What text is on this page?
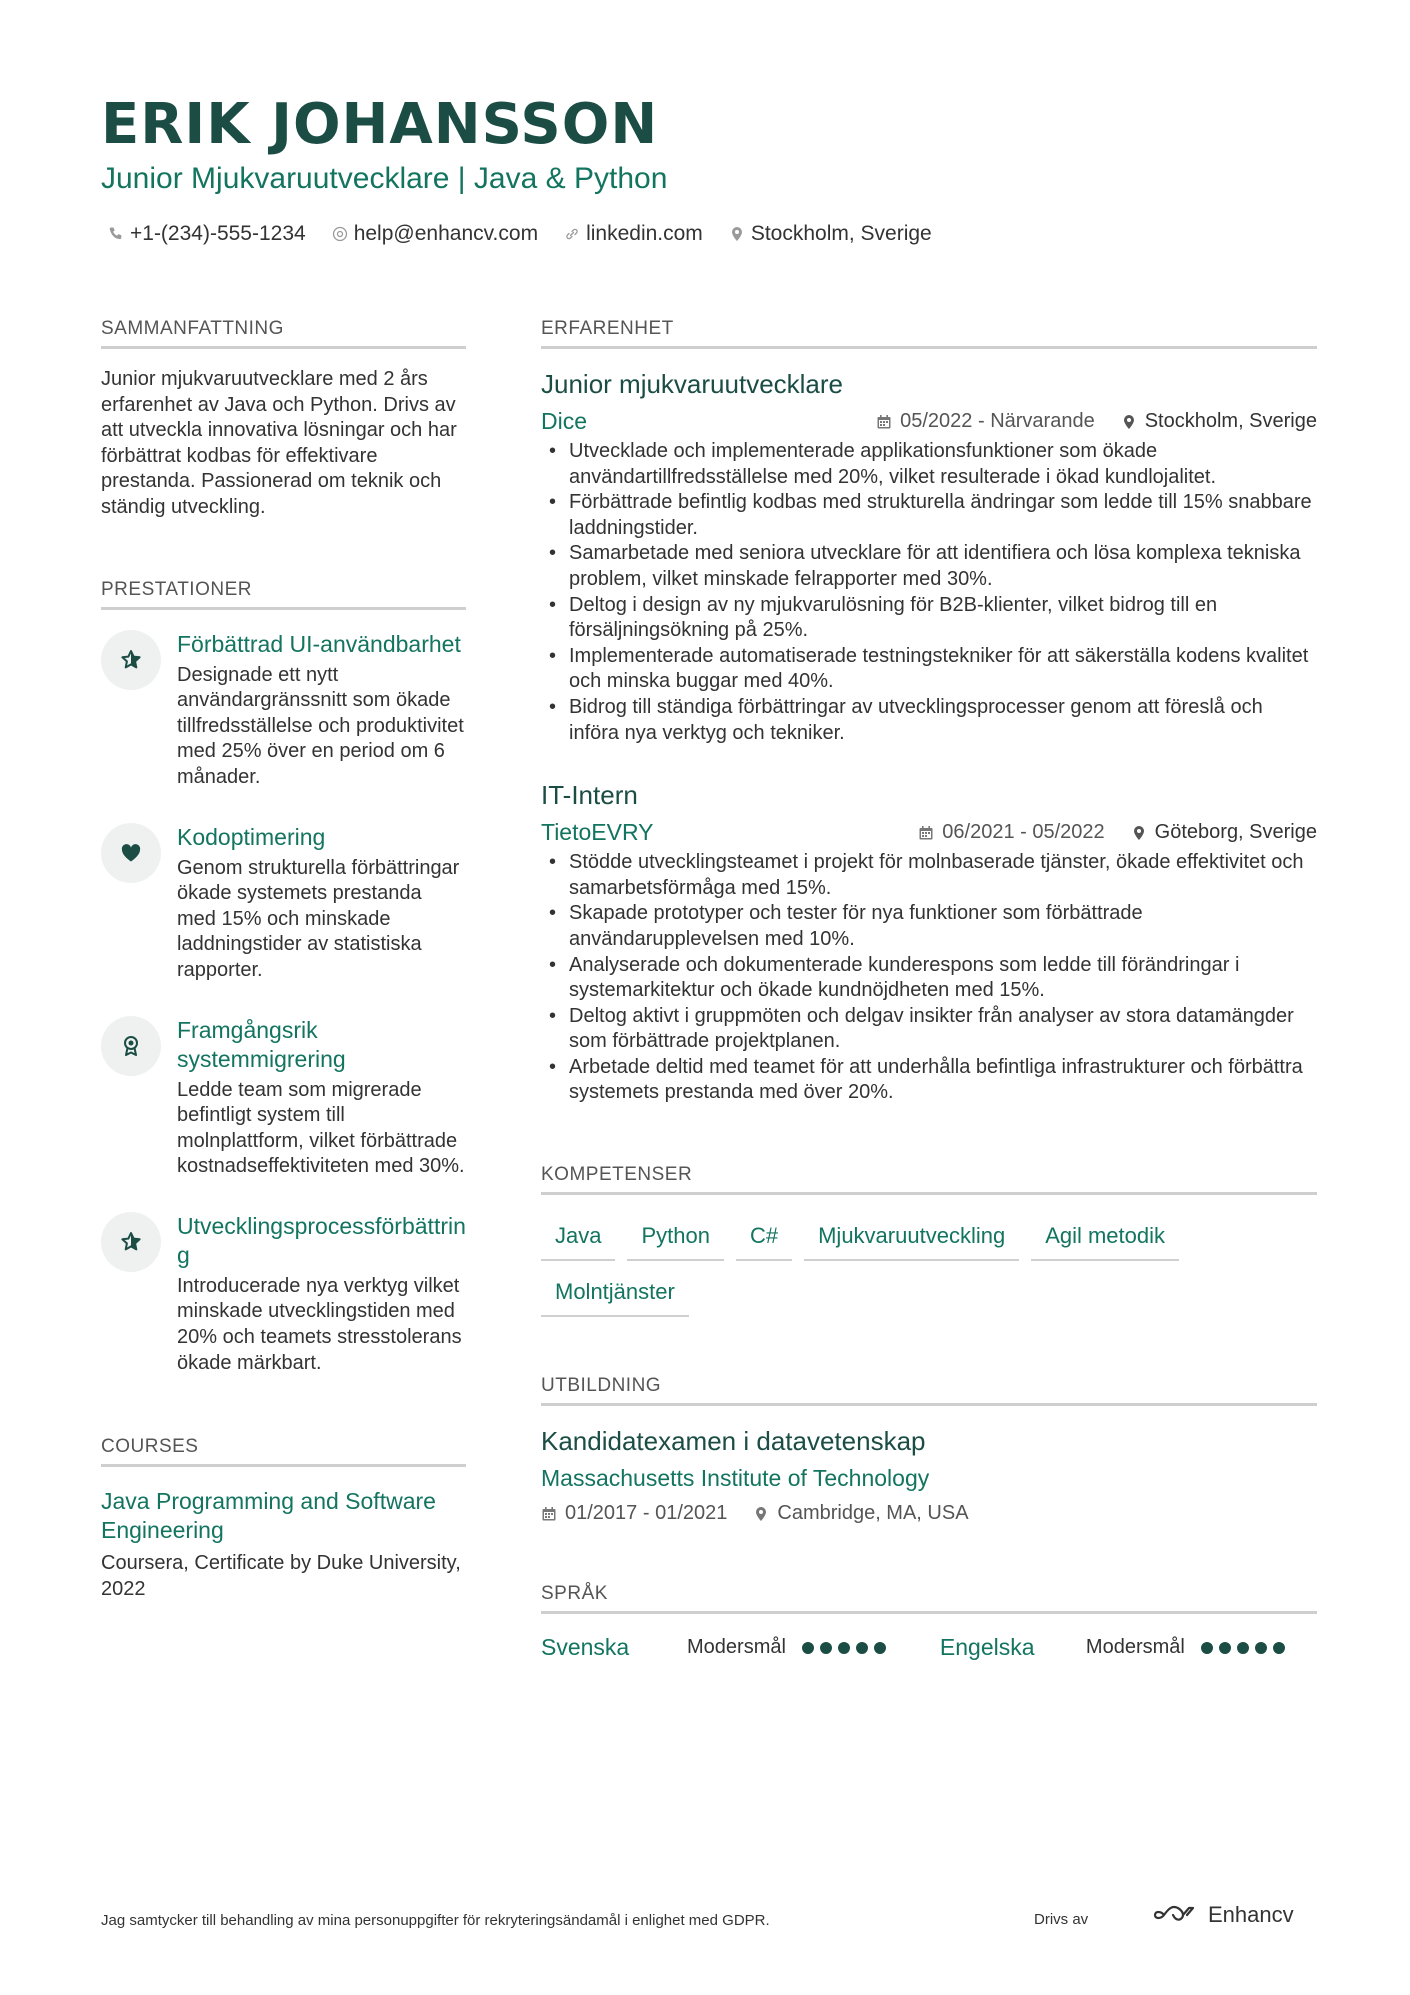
ERIK JOHANSSON
Junior Mjukvaruutvecklare | Java & Python
+1-(234)-555-1234 help@enhancv.com linkedin.com Stockholm, Sverige
SAMMANFATTNING
Junior mjukvaruutvecklare med 2 års erfarenhet av Java och Python. Drivs av att utveckla innovativa lösningar och har förbättrat kodbas för effektivare prestanda. Passionerad om teknik och ständig utveckling.
PRESTATIONER
Förbättrad UI-användbarhet
Designade ett nytt användargränssnitt som ökade tillfredsställelse och produktivitet med 25% över en period om 6 månader.
Kodoptimering
Genom strukturella förbättringar ökade systemets prestanda med 15% och minskade laddningstider av statistiska rapporter.
Framgångsrik systemmigrering
Ledde team som migrerade befintligt system till molnplattform, vilket förbättrade kostnadseffektiviteten med 30%.
Utvecklingsprocessförbättring
Introducerade nya verktyg vilket minskade utvecklingstiden med 20% och teamets stresstolerans ökade märkbart.
COURSES
Java Programming and Software Engineering
Coursera, Certificate by Duke University, 2022
ERFARENHET
Junior mjukvaruutvecklare
Dice	05/2022 - Närvarande	Stockholm, Sverige
• Utvecklade och implementerade applikationsfunktioner som ökade användartillfredsställelse med 20%, vilket resulterade i ökad kundlojalitet.
• Förbättrade befintlig kodbas med strukturella ändringar som ledde till 15% snabbare laddningstider.
• Samarbetade med seniora utvecklare för att identifiera och lösa komplexa tekniska problem, vilket minskade felrapporter med 30%.
• Deltog i design av ny mjukvarulösning för B2B-klienter, vilket bidrog till en försäljningsökning på 25%.
• Implementerade automatiserade testningstekniker för att säkerställa kodens kvalitet och minska buggar med 40%.
• Bidrog till ständiga förbättringar av utvecklingsprocesser genom att föreslå och införa nya verktyg och tekniker.
IT-Intern
TietoEVRY	06/2021 - 05/2022	Göteborg, Sverige
• Stödde utvecklingsteamet i projekt för molnbaserade tjänster, ökade effektivitet och samarbetsförmåga med 15%.
• Skapade prototyper och tester för nya funktioner som förbättrade användarupplevelsen med 10%.
• Analyserade och dokumenterade kunderespons som ledde till förändringar i systemarkitektur och ökade kundnöjdheten med 15%.
• Deltog aktivt i gruppmöten och delgav insikter från analyser av stora datamängder som förbättrade projektplanen.
• Arbetade deltid med teamet för att underhålla befintliga infrastrukturer och förbättra systemets prestanda med över 20%.
KOMPETENSER
Java	Python	C#	Mjukvaruutveckling	Agil metodik
Molntjänster
UTBILDNING
Kandidatexamen i datavetenskap
Massachusetts Institute of Technology
01/2017 - 01/2021	Cambridge, MA, USA
SPRÅK
Svenska	Modersmål	Engelska	Modersmål
Jag samtycker till behandling av mina personuppgifter för rekryteringsändamål i enlighet med GDPR.	Drivs av	Enhancv
